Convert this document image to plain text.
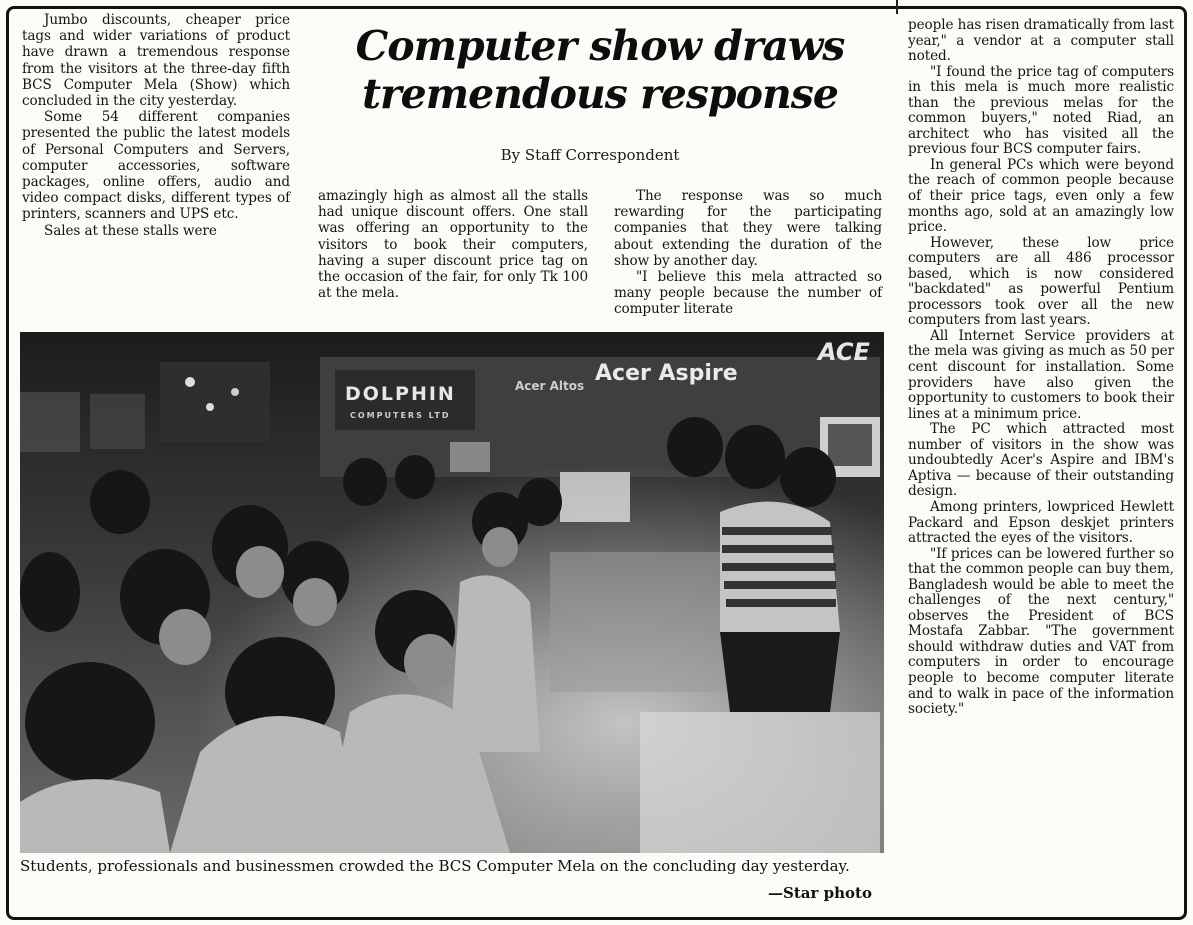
Jumbo discounts, cheaper price tags and wider variations of product have drawn a tremendous response from the visitors at the three-day fifth BCS Computer Mela (Show) which concluded in the city yesterday.

Some 54 different companies presented the public the latest models of Personal Computers and Servers, computer accessories, software packages, online offers, audio and video compact disks, different types of printers, scanners and UPS etc.

Sales at these stalls were

Computer show draws tremendous response
By Staff Correspondent

amazingly high as almost all the stalls had unique discount offers. One stall was offering an opportunity to the visitors to book their computers, having a super discount price tag on the occasion of the fair, for only Tk 100 at the mela.

The response was so much rewarding for the participating companies that they were talking about extending the duration of the show by another day.

"I believe this mela attracted so many people because the number of computer literate

people has risen dramatically from last year," a vendor at a computer stall noted.

"I found the price tag of computers in this mela is much more realistic than the previous melas for the common buyers," noted Riad, an architect who has visited all the previous four BCS computer fairs.

In general PCs which were beyond the reach of common people because of their price tags, even only a few months ago, sold at an amazingly low price.

However, these low price computers are all 486 processor based, which is now considered "backdated" as powerful Pentium processors took over all the new computers from last years.

All Internet Service providers at the mela was giving as much as 50 per cent discount for installation. Some providers have also given the opportunity to customers to book their lines at a minimum price.

The PC which attracted most number of visitors in the show was undoubtedly Acer's Aspire and IBM's Aptiva — because of their outstanding design.

Among printers, lowpriced Hewlett Packard and Epson deskjet printers attracted the eyes of the visitors.

"If prices can be lowered further so that the common people can buy them, Bangladesh would be able to meet the challenges of the next century," observes the President of BCS Mostafa Zabbar. "The government should withdraw duties and VAT from computers in order to encourage people to become computer literate and to walk in pace of the information society."

Students, professionals and businessmen crowded the BCS Computer Mela on the concluding day yesterday.
—Star photo
